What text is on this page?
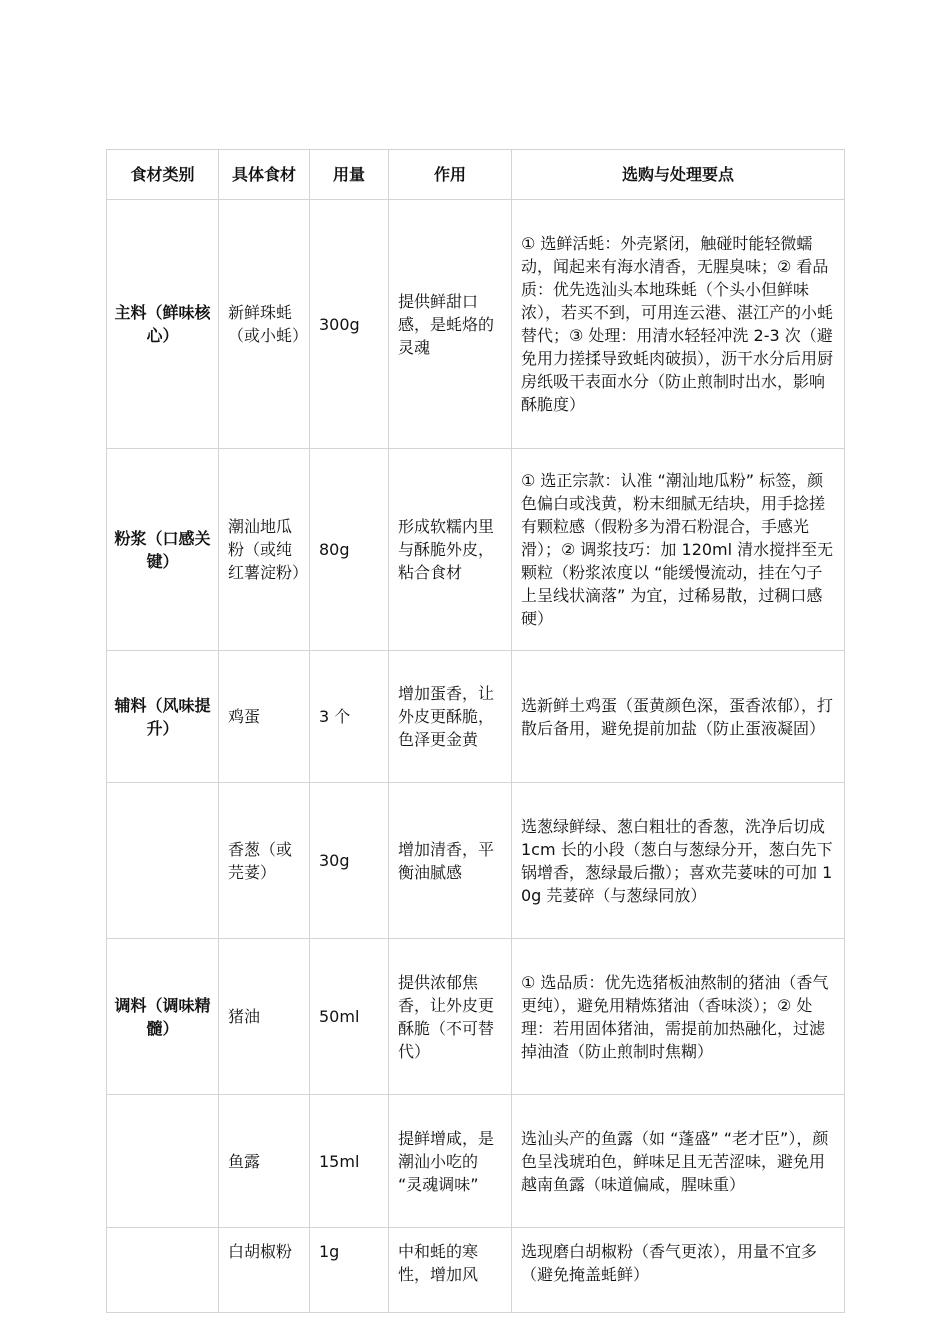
食材类别	具体食材	用量	作用	选购与处理要点
主料（鲜味核心）	新鲜珠蚝（或小蚝）	300g	提供鲜甜口感，是蚝烙的灵魂	① 选鲜活蚝：外壳紧闭，触碰时能轻微蠕动，闻起来有海水清香，无腥臭味；② 看品质：优先选汕头本地珠蚝（个头小但鲜味浓），若买不到，可用连云港、湛江产的小蚝替代；③ 处理：用清水轻轻冲洗 2-3 次（避免用力搓揉导致蚝肉破损），沥干水分后用厨房纸吸干表面水分（防止煎制时出水，影响酥脆度）
粉浆（口感关键）	潮汕地瓜粉（或纯红薯淀粉）	80g	形成软糯内里与酥脆外皮，粘合食材	① 选正宗款：认准 “潮汕地瓜粉” 标签，颜色偏白或浅黄，粉末细腻无结块，用手捻搓有颗粒感（假粉多为滑石粉混合，手感光滑）；② 调浆技巧：加 120ml 清水搅拌至无颗粒（粉浆浓度以 “能缓慢流动，挂在勺子上呈线状滴落” 为宜，过稀易散，过稠口感硬）
辅料（风味提升）	鸡蛋	3 个	增加蛋香，让外皮更酥脆，色泽更金黄	选新鲜土鸡蛋（蛋黄颜色深，蛋香浓郁），打散后备用，避免提前加盐（防止蛋液凝固）
	香葱（或芫荽）	30g	增加清香，平衡油腻感	选葱绿鲜绿、葱白粗壮的香葱，洗净后切成 1cm 长的小段（葱白与葱绿分开，葱白先下锅增香，葱绿最后撒）；喜欢芫荽味的可加 10g 芫荽碎（与葱绿同放）
调料（调味精髓）	猪油	50ml	提供浓郁焦香，让外皮更酥脆（不可替代）	① 选品质：优先选猪板油熬制的猪油（香气更纯），避免用精炼猪油（香味淡）；② 处理：若用固体猪油，需提前加热融化，过滤掉油渣（防止煎制时焦糊）
	鱼露	15ml	提鲜增咸，是潮汕小吃的 “灵魂调味”	选汕头产的鱼露（如 “蓬盛” “老才臣”），颜色呈浅琥珀色，鲜味足且无苦涩味，避免用越南鱼露（味道偏咸，腥味重）
	白胡椒粉	1g	中和蚝的寒性，增加风	选现磨白胡椒粉（香气更浓），用量不宜多（避免掩盖蚝鲜）
